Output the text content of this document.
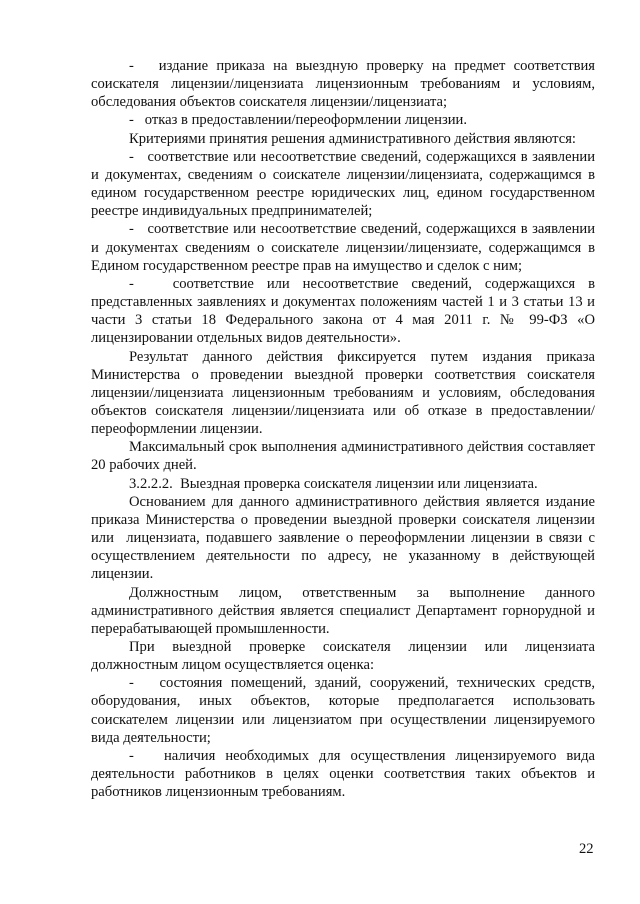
-   издание приказа на выездную проверку на предмет соответствия соискателя лицензии/лицензиата лицензионным требованиям и условиям, обследования объектов соискателя лицензии/лицензиата;

-   отказ в предоставлении/переоформлении лицензии.

Критериями принятия решения административного действия являются:

-   соответствие или несоответствие сведений, содержащихся в заявлении и документах, сведениям о соискателе лицензии/лицензиата, содержащимся в едином государственном реестре юридических лиц, едином государственном реестре индивидуальных предпринимателей;

-   соответствие или несоответствие сведений, содержащихся в заявлении и документах сведениям о соискателе лицензии/лицензиате, содержащимся в Едином государственном реестре прав на имущество и сделок с ним;

-   соответствие или несоответствие сведений, содержащихся в представленных заявлениях и документах положениям частей 1 и 3 статьи 13 и части 3 статьи 18 Федерального закона от 4 мая 2011 г. № 99-ФЗ «О лицензировании отдельных видов деятельности».

Результат данного действия фиксируется путем издания приказа Министерства о проведении выездной проверки соответствия соискателя лицензии/лицензиата лицензионным требованиям и условиям, обследования объектов соискателя лицензии/лицензиата или об отказе в предоставлении/переоформлении лицензии.

Максимальный срок выполнения административного действия составляет 20 рабочих дней.

3.2.2.2.  Выездная проверка соискателя лицензии или лицензиата.

Основанием для данного административного действия является издание приказа Министерства о проведении выездной проверки соискателя лицензии или  лицензиата, подавшего заявление о переоформлении лицензии в связи с осуществлением деятельности по адресу, не указанному в действующей лицензии.

Должностным лицом, ответственным за выполнение данного административного действия является специалист Департамент горнорудной и перерабатывающей промышленности.

При выездной проверке соискателя лицензии или лицензиата должностным лицом осуществляется оценка:

-   состояния помещений, зданий, сооружений, технических средств, оборудования, иных объектов, которые предполагается использовать соискателем лицензии или лицензиатом при осуществлении лицензируемого вида деятельности;

-   наличия необходимых для осуществления лицензируемого вида деятельности работников в целях оценки соответствия таких объектов и работников лицензионным требованиям.

22
